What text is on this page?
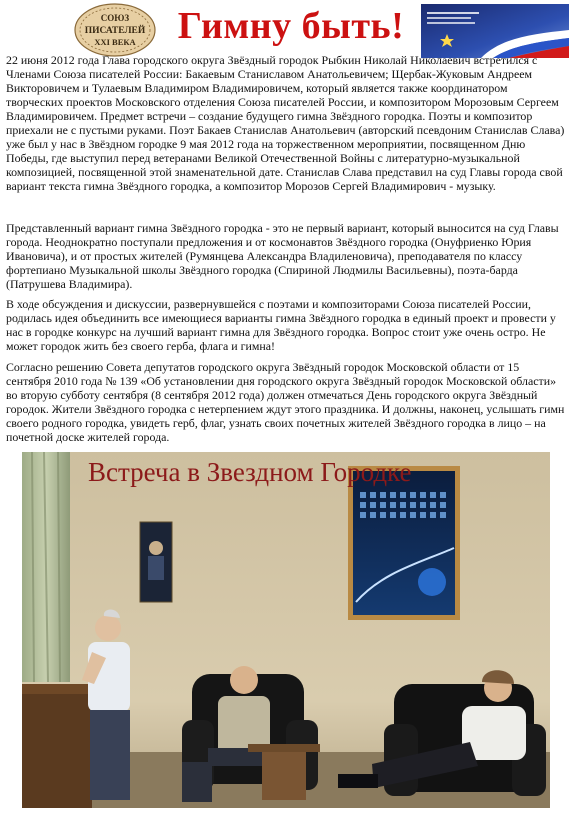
СОЮЗ
ПИСАТЕЛЕЙ
XXI ВЕКА	Гимну быть!
22 июня 2012 года Глава городского округа Звёздный городок Рыбкин Николай Николаевич встретился с Членами Союза писателей России: Бакаевым Станиславом Анатольевичем; Щербак-Жуковым Андреем Викторовичем и Тулаевым Владимиром Владимировичем, который является также координатором творческих проектов Московского отделения Союза писателей России, и композитором Морозовым Сергеем Владимировичем. Предмет встречи – создание будущего гимна Звёздного городка. Поэты и композитор приехали не с пустыми руками. Поэт Бакаев Станислав Анатольевич (авторский псевдоним Станислав Слава) уже был у нас в Звёздном городке 9 мая 2012 года на торжественном мероприятии, посвященном Дню Победы, где выступил перед ветеранами Великой Отечественной Войны с литературно-музыкальной композицией, посвященной этой знаменательной дате. Станислав Слава представил на суд Главы города свой вариант текста гимна Звёздного городка, а композитор Морозов Сергей Владимирович - музыку.
Представленный вариант гимна Звёздного городка - это не первый вариант, который выносится на суд Главы города. Неоднократно поступали предложения и от космонавтов Звёздного городка (Онуфриенко Юрия Ивановича), и от простых жителей (Румянцева Александра Владиленовича), преподавателя по классу фортепиано Музыкальной школы Звёздного городка (Спириной Людмилы Васильевны), поэта-барда (Патрушева Владимира).
В ходе обсуждения и дискуссии, развернувшейся с поэтами и композиторами Союза писателей России, родилась идея объединить все имеющиеся варианты гимна Звёздного городка в единый проект и провести у нас в городке конкурс на лучший вариант гимна для Звёздного городка. Вопрос стоит уже очень остро. Не может городок жить без своего герба, флага и гимна!
Согласно решению Совета депутатов городского округа Звёздный городок Московской области от 15 сентября 2010 года № 139 «Об установлении дня городского округа Звёздный городок Московской области» во вторую субботу сентября (8 сентября 2012 года) должен отмечаться День городского округа Звёздный городок. Жители Звёздного городка с нетерпением ждут этого праздника. И должны, наконец, услышать гимн своего родного городка, увидеть герб, флаг, узнать своих почетных жителей Звёздного городка в лицо – на почетной доске жителей города.
Встреча в Звездном Городке
